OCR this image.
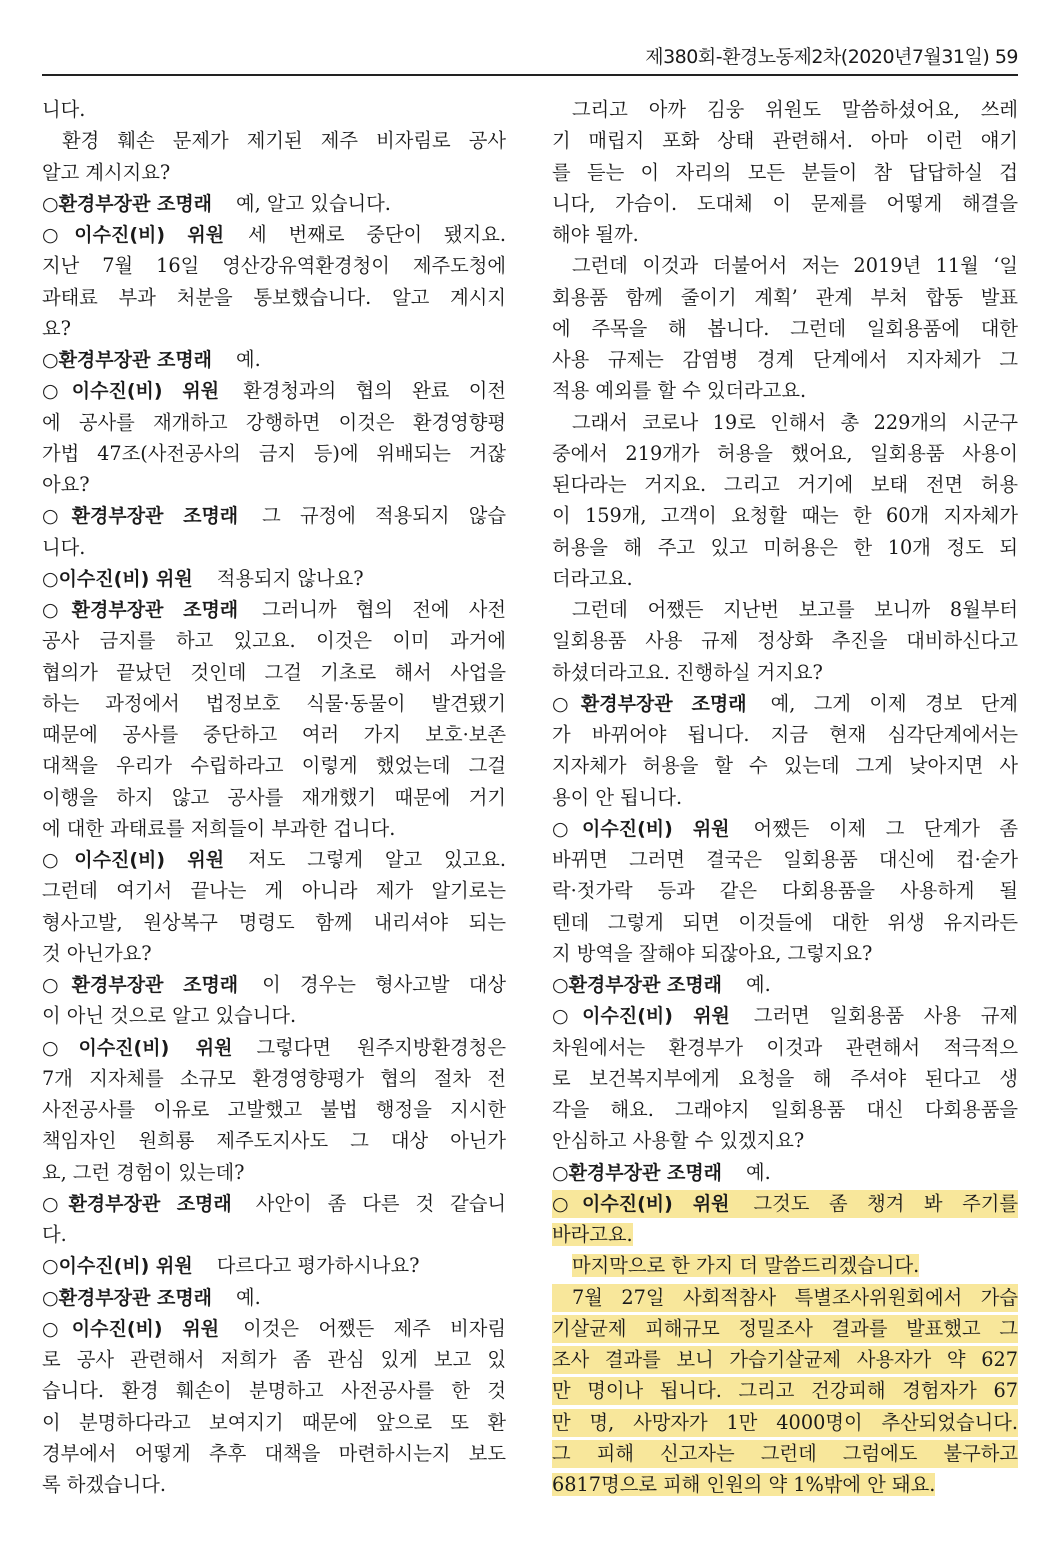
제380회-환경노동제2차(2020년7월31일) 59
니다.
환경 훼손 문제가 제기된 제주 비자림로 공사
알고 계시지요?
○환경부장관 조명래 예, 알고 있습니다.
○이수진(비) 위원 세 번째로 중단이 됐지요.
지난 7월 16일 영산강유역환경청이 제주도청에
과태료 부과 처분을 통보했습니다. 알고 계시지
요?
○환경부장관 조명래 예.
○이수진(비) 위원 환경청과의 협의 완료 이전
에 공사를 재개하고 강행하면 이것은 환경영향평
가법 47조(사전공사의 금지 등)에 위배되는 거잖
아요?
○환경부장관 조명래 그 규정에 적용되지 않습
니다.
○이수진(비) 위원 적용되지 않나요?
○환경부장관 조명래 그러니까 협의 전에 사전
공사 금지를 하고 있고요. 이것은 이미 과거에
협의가 끝났던 것인데 그걸 기초로 해서 사업을
하는 과정에서 법정보호 식물·동물이 발견됐기
때문에 공사를 중단하고 여러 가지 보호·보존
대책을 우리가 수립하라고 이렇게 했었는데 그걸
이행을 하지 않고 공사를 재개했기 때문에 거기
에 대한 과태료를 저희들이 부과한 겁니다.
○이수진(비) 위원 저도 그렇게 알고 있고요.
그런데 여기서 끝나는 게 아니라 제가 알기로는
형사고발, 원상복구 명령도 함께 내리셔야 되는
것 아닌가요?
○환경부장관 조명래 이 경우는 형사고발 대상
이 아닌 것으로 알고 있습니다.
○이수진(비) 위원 그렇다면 원주지방환경청은
7개 지자체를 소규모 환경영향평가 협의 절차 전
사전공사를 이유로 고발했고 불법 행정을 지시한
책임자인 원희룡 제주도지사도 그 대상 아닌가
요, 그런 경험이 있는데?
○환경부장관 조명래 사안이 좀 다른 것 같습니
다.
○이수진(비) 위원 다르다고 평가하시나요?
○환경부장관 조명래 예.
○이수진(비) 위원 이것은 어쨌든 제주 비자림
로 공사 관련해서 저희가 좀 관심 있게 보고 있
습니다. 환경 훼손이 분명하고 사전공사를 한 것
이 분명하다라고 보여지기 때문에 앞으로 또 환
경부에서 어떻게 추후 대책을 마련하시는지 보도
록 하겠습니다.
그리고 아까 김웅 위원도 말씀하셨어요, 쓰레
기 매립지 포화 상태 관련해서. 아마 이런 얘기
를 듣는 이 자리의 모든 분들이 참 답답하실 겁
니다, 가슴이. 도대체 이 문제를 어떻게 해결을
해야 될까.
그런데 이것과 더불어서 저는 2019년 11월 ‘일
회용품 함께 줄이기 계획’ 관계 부처 합동 발표
에 주목을 해 봅니다. 그런데 일회용품에 대한
사용 규제는 감염병 경계 단계에서 지자체가 그
적용 예외를 할 수 있더라고요.
그래서 코로나 19로 인해서 총 229개의 시군구
중에서 219개가 허용을 했어요, 일회용품 사용이
된다라는 거지요. 그리고 거기에 보태 전면 허용
이 159개, 고객이 요청할 때는 한 60개 지자체가
허용을 해 주고 있고 미허용은 한 10개 정도 되
더라고요.
그런데 어쨌든 지난번 보고를 보니까 8월부터
일회용품 사용 규제 정상화 추진을 대비하신다고
하셨더라고요. 진행하실 거지요?
○환경부장관 조명래 예, 그게 이제 경보 단계
가 바뀌어야 됩니다. 지금 현재 심각단계에서는
지자체가 허용을 할 수 있는데 그게 낮아지면 사
용이 안 됩니다.
○이수진(비) 위원 어쨌든 이제 그 단계가 좀
바뀌면 그러면 결국은 일회용품 대신에 컵·숟가
락·젓가락 등과 같은 다회용품을 사용하게 될
텐데 그렇게 되면 이것들에 대한 위생 유지라든
지 방역을 잘해야 되잖아요, 그렇지요?
○환경부장관 조명래 예.
○이수진(비) 위원 그러면 일회용품 사용 규제
차원에서는 환경부가 이것과 관련해서 적극적으
로 보건복지부에게 요청을 해 주셔야 된다고 생
각을 해요. 그래야지 일회용품 대신 다회용품을
안심하고 사용할 수 있겠지요?
○환경부장관 조명래 예.
○이수진(비) 위원 그것도 좀 챙겨 봐 주기를
바라고요.
마지막으로 한 가지 더 말씀드리겠습니다.
7월 27일 사회적참사 특별조사위원회에서 가습
기살균제 피해규모 정밀조사 결과를 발표했고 그
조사 결과를 보니 가습기살균제 사용자가 약 627
만 명이나 됩니다. 그리고 건강피해 경험자가 67
만 명, 사망자가 1만 4000명이 추산되었습니다.
그 피해 신고자는 그런데 그럼에도 불구하고
6817명으로 피해 인원의 약 1%밖에 안 돼요.
